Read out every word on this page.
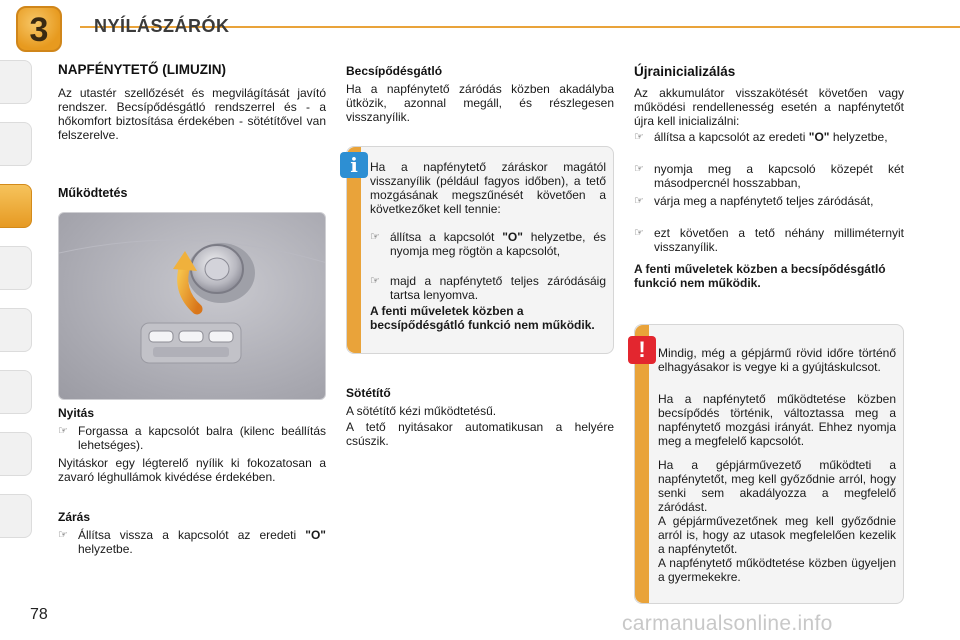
3	NYÍLÁSZÁRÓK
NAPFÉNYTETŐ (LIMUZIN)
Az utastér szellőzését és megvilágítását javító rendszer. Becsípődésgátló rendszerrel és - a hőkomfort biztosítása érdekében - sötétítővel van felszerelve.
Működtetés
Nyitás
☞ Forgassa a kapcsolót balra (kilenc beállítás lehetséges).
Nyitáskor egy légterelő nyílik ki fokozatosan a zavaró léghullámok kivédése érdekében.
Zárás
☞ Állítsa vissza a kapcsolót az eredeti "O" helyzetbe.
Becsípődésgátló
Ha a napfénytető záródás közben akadályba ütközik, azonnal megáll, és részlegesen visszanyílik.
i	Ha a napfénytető záráskor magától visszanyílik (például fagyos időben), a tető mozgásának megszűnését követően a következőket kell tennie:
☞ állítsa a kapcsolót "O" helyzetbe, és nyomja meg rögtön a kapcsolót,
☞ majd a napfénytető teljes záródásáig tartsa lenyomva.
A fenti műveletek közben a becsípődésgátló funkció nem működik.
Sötétítő
A sötétítő kézi működtetésű.
A tető nyitásakor automatikusan a helyére csúszik.
Újrainicializálás
Az akkumulátor visszakötését követően vagy működési rendellenesség esetén a napfénytetőt újra kell inicializálni:
☞ állítsa a kapcsolót az eredeti "O" helyzetbe,
☞ nyomja meg a kapcsoló közepét két másodpercnél hosszabban,
☞ várja meg a napfénytető teljes záródását,
☞ ezt követően a tető néhány milliméternyit visszanyílik.
A fenti műveletek közben a becsípődésgátló funkció nem működik.
!	Mindig, még a gépjármű rövid időre történő elhagyásakor is vegye ki a gyújtáskulcsot.
Ha a napfénytető működtetése közben becsípődés történik, változtassa meg a napfénytető mozgási irányát. Ehhez nyomja meg a megfelelő kapcsolót.
Ha a gépjárművezető működteti a napfénytetőt, meg kell győződnie arról, hogy senki sem akadályozza a megfelelő záródást.
A gépjárművezetőnek meg kell győződnie arról is, hogy az utasok megfelelően kezelik a napfénytetőt.
A napfénytető működtetése közben ügyeljen a gyermekekre.
78	carmanualsonline.info
